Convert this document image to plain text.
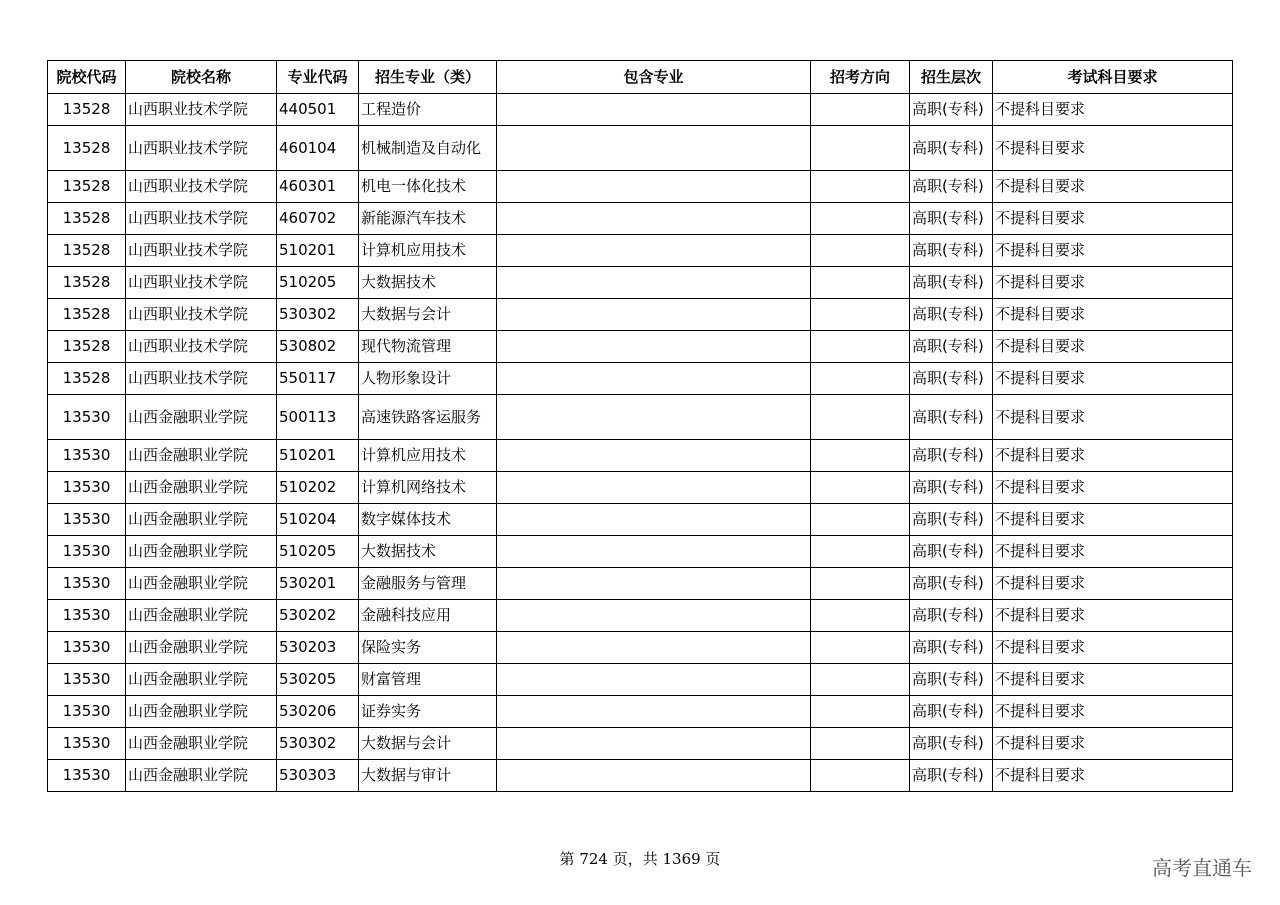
院校代码	院校名称	专业代码	招生专业（类）	包含专业	招考方向	招生层次	考试科目要求
13528	山西职业技术学院	440501	工程造价			高职(专科)	不提科目要求
13528	山西职业技术学院	460104	机械制造及自动化			高职(专科)	不提科目要求
13528	山西职业技术学院	460301	机电一体化技术			高职(专科)	不提科目要求
13528	山西职业技术学院	460702	新能源汽车技术			高职(专科)	不提科目要求
13528	山西职业技术学院	510201	计算机应用技术			高职(专科)	不提科目要求
13528	山西职业技术学院	510205	大数据技术			高职(专科)	不提科目要求
13528	山西职业技术学院	530302	大数据与会计			高职(专科)	不提科目要求
13528	山西职业技术学院	530802	现代物流管理			高职(专科)	不提科目要求
13528	山西职业技术学院	550117	人物形象设计			高职(专科)	不提科目要求
13530	山西金融职业学院	500113	高速铁路客运服务			高职(专科)	不提科目要求
13530	山西金融职业学院	510201	计算机应用技术			高职(专科)	不提科目要求
13530	山西金融职业学院	510202	计算机网络技术			高职(专科)	不提科目要求
13530	山西金融职业学院	510204	数字媒体技术			高职(专科)	不提科目要求
13530	山西金融职业学院	510205	大数据技术			高职(专科)	不提科目要求
13530	山西金融职业学院	530201	金融服务与管理			高职(专科)	不提科目要求
13530	山西金融职业学院	530202	金融科技应用			高职(专科)	不提科目要求
13530	山西金融职业学院	530203	保险实务			高职(专科)	不提科目要求
13530	山西金融职业学院	530205	财富管理			高职(专科)	不提科目要求
13530	山西金融职业学院	530206	证券实务			高职(专科)	不提科目要求
13530	山西金融职业学院	530302	大数据与会计			高职(专科)	不提科目要求
13530	山西金融职业学院	530303	大数据与审计			高职(专科)	不提科目要求
第 724 页，共 1369 页	高考直通车
